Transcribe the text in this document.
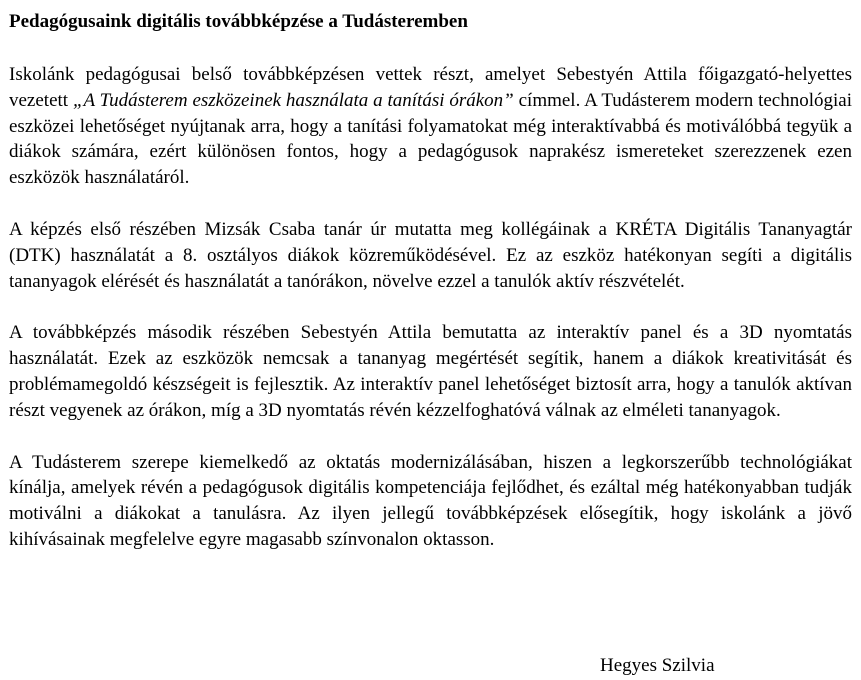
Pedagógusaink digitális továbbképzése a Tudásteremben

Iskolánk pedagógusai belső továbbképzésen vettek részt, amelyet Sebestyén Attila főigazgató-helyettes vezetett „A Tudásterem eszközeinek használata a tanítási órákon” címmel. A Tudásterem modern technológiai eszközei lehetőséget nyújtanak arra, hogy a tanítási folyamatokat még interaktívabbá és motiválóbbá tegyük a diákok számára, ezért különösen fontos, hogy a pedagógusok naprakész ismereteket szerezzenek ezen eszközök használatáról.

A képzés első részében Mizsák Csaba tanár úr mutatta meg kollégáinak a KRÉTA Digitális Tananyagtár (DTK) használatát a 8. osztályos diákok közreműködésével. Ez az eszköz hatékonyan segíti a digitális tananyagok elérését és használatát a tanórákon, növelve ezzel a tanulók aktív részvételét.

A továbbképzés második részében Sebestyén Attila bemutatta az interaktív panel és a 3D nyomtatás használatát. Ezek az eszközök nemcsak a tananyag megértését segítik, hanem a diákok kreativitását és problémamegoldó készségeit is fejlesztik. Az interaktív panel lehetőséget biztosít arra, hogy a tanulók aktívan részt vegyenek az órákon, míg a 3D nyomtatás révén kézzelfoghatóvá válnak az elméleti tananyagok.

A Tudásterem szerepe kiemelkedő az oktatás modernizálásában, hiszen a legkorszerűbb technológiákat kínálja, amelyek révén a pedagógusok digitális kompetenciája fejlődhet, és ezáltal még hatékonyabban tudják motiválni a diákokat a tanulásra. Az ilyen jellegű továbbképzések elősegítik, hogy iskolánk a jövő kihívásainak megfelelve egyre magasabb színvonalon oktasson.

Hegyes Szilvia
